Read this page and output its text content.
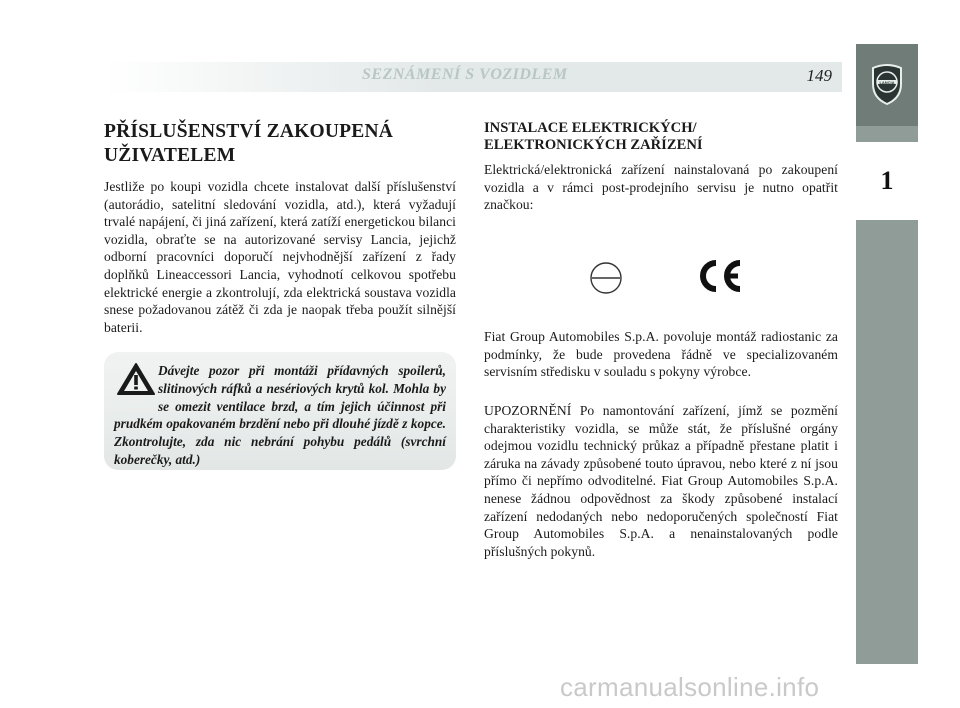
SEZNÁMENÍ S VOZIDLEM	149	LANCIA
1
PŘÍSLUŠENSTVÍ ZAKOUPENÁ
UŽIVATELEM

Jestliže po koupi vozidla chcete instalovat další příslušenství (autorádio, satelitní sledování vozidla, atd.), která vyžadují trvalé napájení, či jiná zařízení, která zatíží energetickou bilanci vozidla, obraťte se na autorizované servisy Lancia, jejichž odborní pracovníci doporučí nejvhodnější zařízení z řady doplňků Lineaccessori Lancia, vyhodnotí celkovou spotřebu elektrické energie a zkontrolují, zda elektrická soustava vozidla snese požadovanou zátěž či zda je naopak třeba použít silnější baterii.

Dávejte pozor při montáži přídavných spoilerů, slitinových ráfků a nesériových krytů kol. Mohla by se omezit ventilace brzd, a tím jejich účinnost při prudkém opakovaném brzdění nebo při dlouhé jízdě z kopce. Zkontrolujte, zda nic nebrání pohybu pedálů (svrchní koberečky, atd.)
INSTALACE ELEKTRICKÝCH/
ELEKTRONICKÝCH ZAŘÍZENÍ

Elektrická/elektronická zařízení nainstalovaná po zakoupení vozidla a v rámci post-prodejního servisu je nutno opatřit značkou:

Fiat Group Automobiles S.p.A. povoluje montáž radiostanic za podmínky, že bude provedena řádně ve specializovaném servisním středisku v souladu s pokyny výrobce.

UPOZORNĚNÍ Po namontování zařízení, jímž se pozmění charakteristiky vozidla, se může stát, že příslušné orgány odejmou vozidlu technický průkaz a případně přestane platit i záruka na závady způsobené touto úpravou, nebo které z ní jsou přímo či nepřímo odvoditelné. Fiat Group Automobiles S.p.A. nenese žádnou odpovědnost za škody způsobené instalací zařízení nedodaných nebo nedoporučených společností Fiat Group Automobiles S.p.A. a nenainstalovaných podle příslušných pokynů.

carmanualsonline.info
